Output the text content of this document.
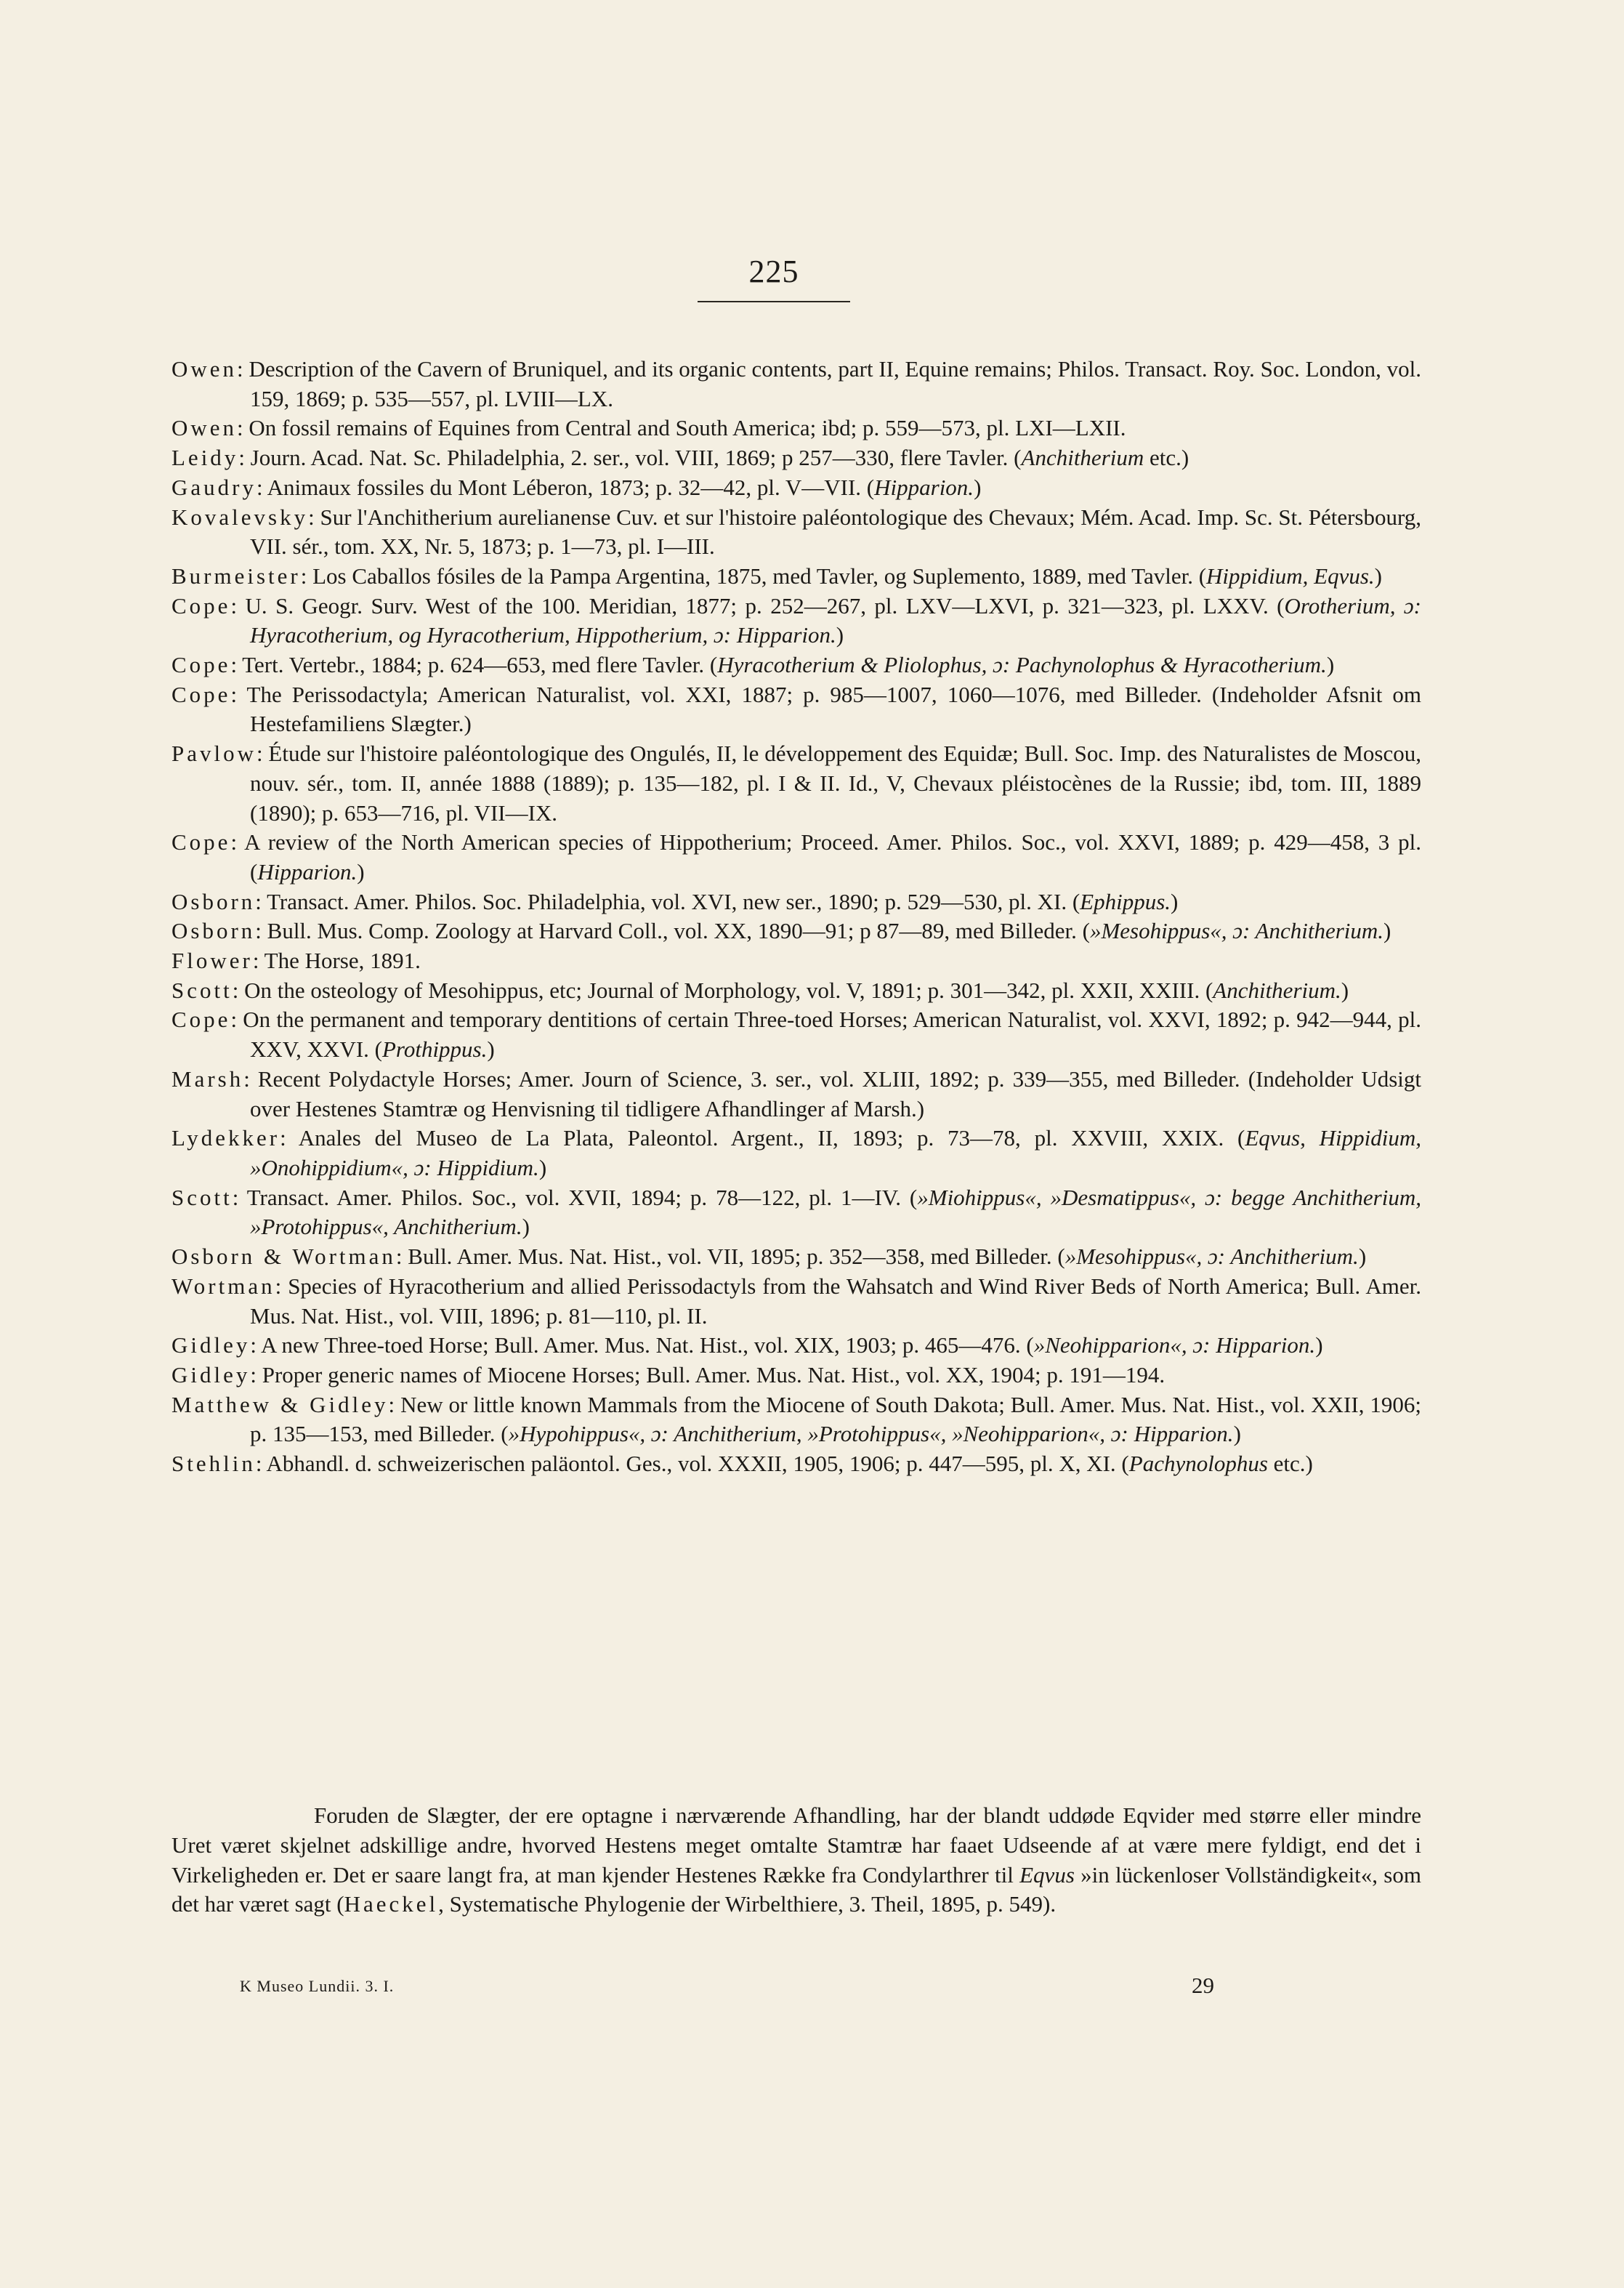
225

Owen: Description of the Cavern of Bruniquel, and its organic contents, part II, Equine remains; Philos. Transact. Roy. Soc. London, vol. 159, 1869; p. 535—557, pl. LVIII—LX.

Owen: On fossil remains of Equines from Central and South America; ibd; p. 559—573, pl. LXI—LXII.

Leidy: Journ. Acad. Nat. Sc. Philadelphia, 2. ser., vol. VIII, 1869; p 257—330, flere Tavler. (Anchitherium etc.)

Gaudry: Animaux fossiles du Mont Léberon, 1873; p. 32—42, pl. V—VII. (Hipparion.)

Kovalevsky: Sur l'Anchitherium aurelianense Cuv. et sur l'histoire paléontologique des Chevaux; Mém. Acad. Imp. Sc. St. Pétersbourg, VII. sér., tom. XX, Nr. 5, 1873; p. 1—73, pl. I—III.

Burmeister: Los Caballos fósiles de la Pampa Argentina, 1875, med Tavler, og Suplemento, 1889, med Tavler. (Hippidium, Eqvus.)

Cope: U. S. Geogr. Surv. West of the 100. Meridian, 1877; p. 252—267, pl. LXV—LXVI, p. 321—323, pl. LXXV. (Orotherium, ɔ: Hyracotherium, og Hyracotherium, Hippotherium, ɔ: Hipparion.)

Cope: Tert. Vertebr., 1884; p. 624—653, med flere Tavler. (Hyracotherium & Pliolophus, ɔ: Pachynolophus & Hyracotherium.)

Cope: The Perissodactyla; American Naturalist, vol. XXI, 1887; p. 985—1007, 1060—1076, med Billeder. (Indeholder Afsnit om Hestefamiliens Slægter.)

Pavlow: Étude sur l'histoire paléontologique des Ongulés, II, le développement des Equidæ; Bull. Soc. Imp. des Naturalistes de Moscou, nouv. sér., tom. II, année 1888 (1889); p. 135—182, pl. I & II. Id., V, Chevaux pléistocènes de la Russie; ibd, tom. III, 1889 (1890); p. 653—716, pl. VII—IX.

Cope: A review of the North American species of Hippotherium; Proceed. Amer. Philos. Soc., vol. XXVI, 1889; p. 429—458, 3 pl. (Hipparion.)

Osborn: Transact. Amer. Philos. Soc. Philadelphia, vol. XVI, new ser., 1890; p. 529—530, pl. XI. (Ephippus.)

Osborn: Bull. Mus. Comp. Zoology at Harvard Coll., vol. XX, 1890—91; p 87—89, med Billeder. (»Mesohippus«, ɔ: Anchitherium.)

Flower: The Horse, 1891.

Scott: On the osteology of Mesohippus, etc; Journal of Morphology, vol. V, 1891; p. 301—342, pl. XXII, XXIII. (Anchitherium.)

Cope: On the permanent and temporary dentitions of certain Three-toed Horses; American Naturalist, vol. XXVI, 1892; p. 942—944, pl. XXV, XXVI. (Prothippus.)

Marsh: Recent Polydactyle Horses; Amer. Journ of Science, 3. ser., vol. XLIII, 1892; p. 339—355, med Billeder. (Indeholder Udsigt over Hestenes Stamtræ og Henvisning til tidligere Afhandlinger af Marsh.)

Lydekker: Anales del Museo de La Plata, Paleontol. Argent., II, 1893; p. 73—78, pl. XXVIII, XXIX. (Eqvus, Hippidium, »Onohippidium«, ɔ: Hippidium.)

Scott: Transact. Amer. Philos. Soc., vol. XVII, 1894; p. 78—122, pl. 1—IV. (»Miohippus«, »Desmatippus«, ɔ: begge Anchitherium, »Protohippus«, Anchitherium.)

Osborn & Wortman: Bull. Amer. Mus. Nat. Hist., vol. VII, 1895; p. 352—358, med Billeder. (»Mesohippus«, ɔ: Anchitherium.)

Wortman: Species of Hyracotherium and allied Perissodactyls from the Wahsatch and Wind River Beds of North America; Bull. Amer. Mus. Nat. Hist., vol. VIII, 1896; p. 81—110, pl. II.

Gidley: A new Three-toed Horse; Bull. Amer. Mus. Nat. Hist., vol. XIX, 1903; p. 465—476. (»Neohipparion«, ɔ: Hipparion.)

Gidley: Proper generic names of Miocene Horses; Bull. Amer. Mus. Nat. Hist., vol. XX, 1904; p. 191—194.

Matthew & Gidley: New or little known Mammals from the Miocene of South Dakota; Bull. Amer. Mus. Nat. Hist., vol. XXII, 1906; p. 135—153, med Billeder. (»Hypohippus«, ɔ: Anchitherium, »Protohippus«, »Neohipparion«, ɔ: Hipparion.)

Stehlin: Abhandl. d. schweizerischen paläontol. Ges., vol. XXXII, 1905, 1906; p. 447—595, pl. X, XI. (Pachynolophus etc.)

Foruden de Slægter, der ere optagne i nærværende Afhandling, har der blandt uddøde Eqvider med større eller mindre Uret været skjelnet adskillige andre, hvorved Hestens meget omtalte Stamtræ har faaet Udseende af at være mere fyldigt, end det i Virkeligheden er. Det er saare langt fra, at man kjender Hestenes Række fra Condylarthrer til Eqvus »in lückenloser Vollständigkeit«, som det har været sagt (Haeckel, Systematische Phylogenie der Wirbelthiere, 3. Theil, 1895, p. 549).

K Museo Lundii. 3. I.	29
